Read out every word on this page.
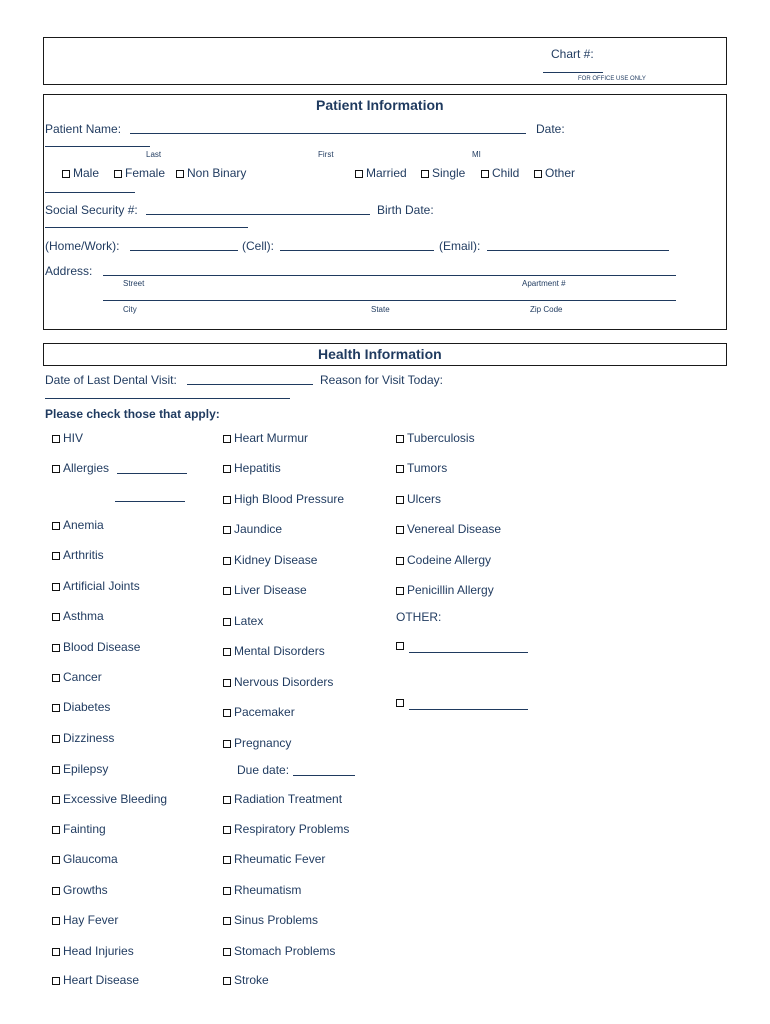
Chart #:
FOR OFFICE USE ONLY
Patient Information
Patient Name:	Date:
Last	First	MI
Male	Female	Non Binary	Married	Single	Child	Other
Social Security #:	Birth Date:
(Home/Work):	(Cell):	(Email):
Address:
Street	Apartment #
City	State	Zip Code
Health Information
Date of Last Dental Visit:	Reason for Visit Today:
Please check those that apply:
HIV
Allergies
Anemia
Arthritis
Artificial Joints
Asthma
Blood Disease
Cancer
Diabetes
Dizziness
Epilepsy
Excessive Bleeding
Fainting
Glaucoma
Growths
Hay Fever
Head Injuries
Heart Disease
Heart Murmur
Hepatitis
High Blood Pressure
Jaundice
Kidney Disease
Liver Disease
Latex
Mental Disorders
Nervous Disorders
Pacemaker
Pregnancy
Radiation Treatment
Respiratory Problems
Rheumatic Fever
Rheumatism
Sinus Problems
Stomach Problems
Stroke
Tuberculosis
Tumors
Ulcers
Venereal Disease
Codeine Allergy
Penicillin Allergy
Due date:
OTHER:
